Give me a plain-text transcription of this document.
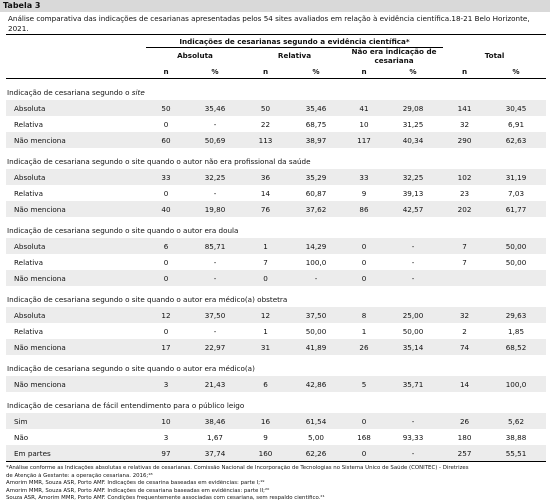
Tabela 3
Análise comparativa das indicações de cesarianas apresentadas pelos 54 sites avaliados em relação à evidência científica.18-21 Belo Horizonte, 2021.
	Indicações de cesarianas segundo a evidência científica*							
	Absoluta		Relativa		Não era indicação de cesariana		Total	
	n	%	n	%	n	%	n	%
Indicação de cesariana segundo o site								
Absoluta	50	35,46	50	35,46	41	29,08	141	30,45
Relativa	0	-	22	68,75	10	31,25	32	6,91
Não menciona	60	50,69	113	38,97	117	40,34	290	62,63
Indicação de cesariana segundo o site quando o autor não era profissional da saúde								
Absoluta	33	32,25	36	35,29	33	32,25	102	31,19
Relativa	0	-	14	60,87	9	39,13	23	7,03
Não menciona	40	19,80	76	37,62	86	42,57	202	61,77
Indicação de cesariana segundo o site quando o autor era doula								
Absoluta	6	85,71	1	14,29	0	-	7	50,00
Relativa	0	-	7	100,0	0	-	7	50,00
Não menciona	0	-	0	-	0	-		
Indicação de cesariana segundo o site quando o autor era médico(a) obstetra								
Absoluta	12	37,50	12	37,50	8	25,00	32	29,63
Relativa	0	-	1	50,00	1	50,00	2	1,85
Não menciona	17	22,97	31	41,89	26	35,14	74	68,52
Indicação de cesariana segundo o site quando o autor era médico(a)								
Não menciona	3	21,43	6	42,86	5	35,71	14	100,0
Indicação de cesariana de fácil entendimento para o público leigo								
Sim	10	38,46	16	61,54	0	-	26	5,62
Não	3	1,67	9	5,00	168	93,33	180	38,88
Em partes	97	37,74	160	62,26	0	-	257	55,51
*Análise conforme as Indicações absolutas e relativas de cesarianas. Comissão Nacional de Incorporação de Tecnologias no Sistema Único de Saúde (CONITEC) - Diretrizes
de Atenção à Gestante: a operação cesariana. 2016;¹⁸
Amorim MMR, Souza ASR, Porto AMF. Indicações de cesarina baseadas em evidências: parte I;¹⁹
Amorim MMR, Souza ASR, Porto AMF. Indicações de cesariana baseadas em evidências: parte II;²⁰
Souza ASR, Amorim MMR, Porto AMF. Condições frequentemente associadas com cesariana, sem respaldo científico.²¹
